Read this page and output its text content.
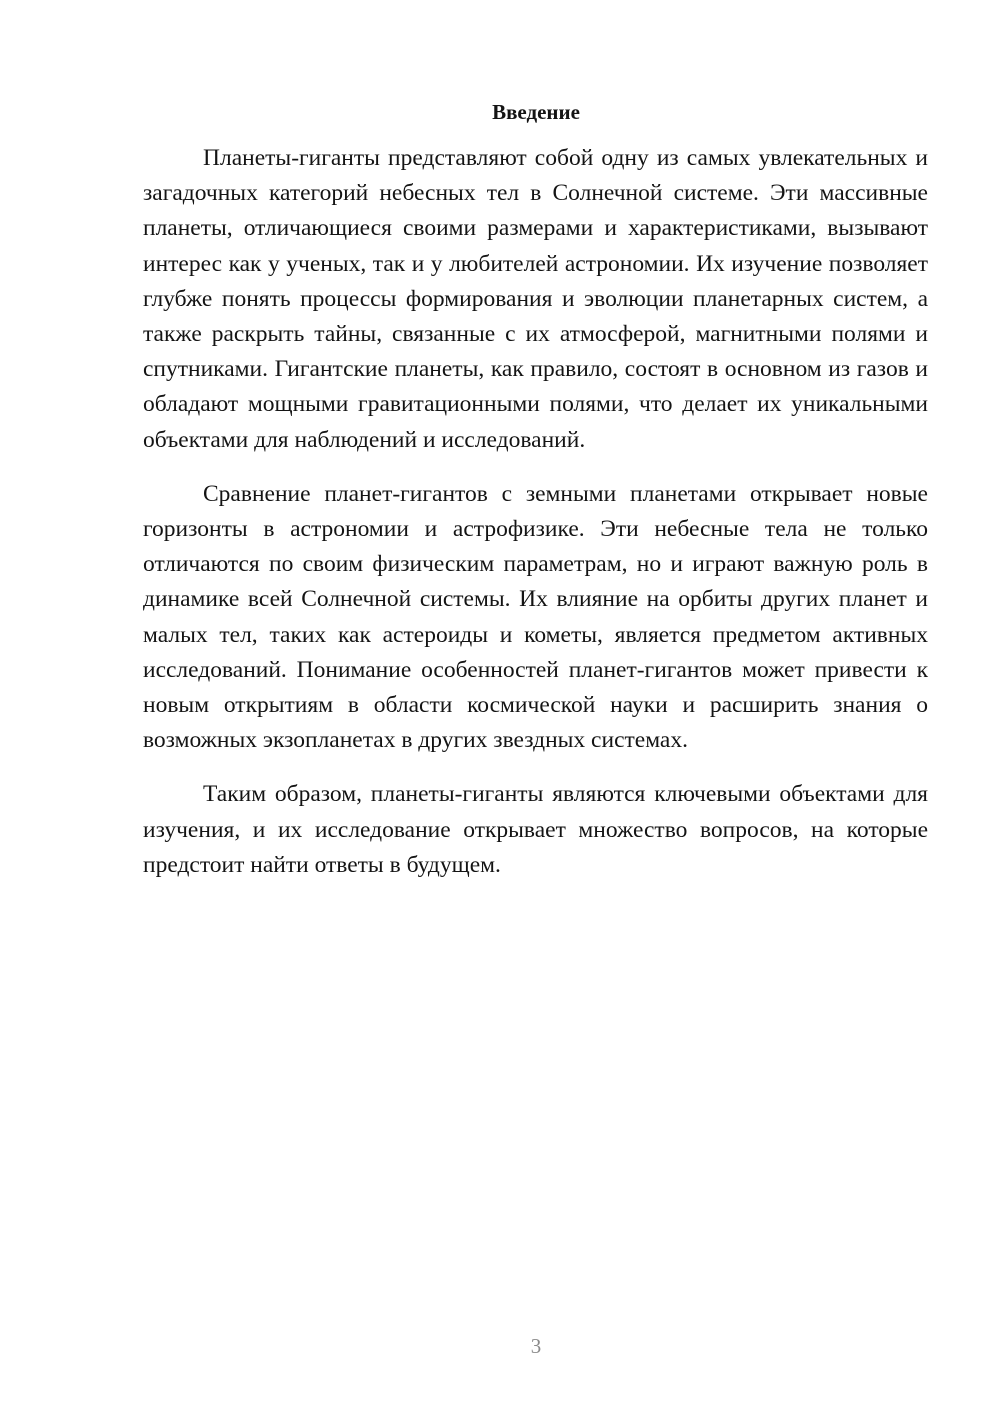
Введение

Планеты-гиганты представляют собой одну из самых увлекательных и загадочных категорий небесных тел в Солнечной системе. Эти массивные планеты, отличающиеся своими размерами и характеристиками, вызывают интерес как у ученых, так и у любителей астрономии. Их изучение позволяет глубже понять процессы формирования и эволюции планетарных систем, а также раскрыть тайны, связанные с их атмосферой, магнитными полями и спутниками. Гигантские планеты, как правило, состоят в основном из газов и обладают мощными гравитационными полями, что делает их уникальными объектами для наблюдений и исследований.

Сравнение планет-гигантов с земными планетами открывает новые горизонты в астрономии и астрофизике. Эти небесные тела не только отличаются по своим физическим параметрам, но и играют важную роль в динамике всей Солнечной системы. Их влияние на орбиты других планет и малых тел, таких как астероиды и кометы, является предметом активных исследований. Понимание особенностей планет-гигантов может привести к новым открытиям в области космической науки и расширить знания о возможных экзопланетах в других звездных системах.

Таким образом, планеты-гиганты являются ключевыми объектами для изучения, и их исследование открывает множество вопросов, на которые предстоит найти ответы в будущем.

3
